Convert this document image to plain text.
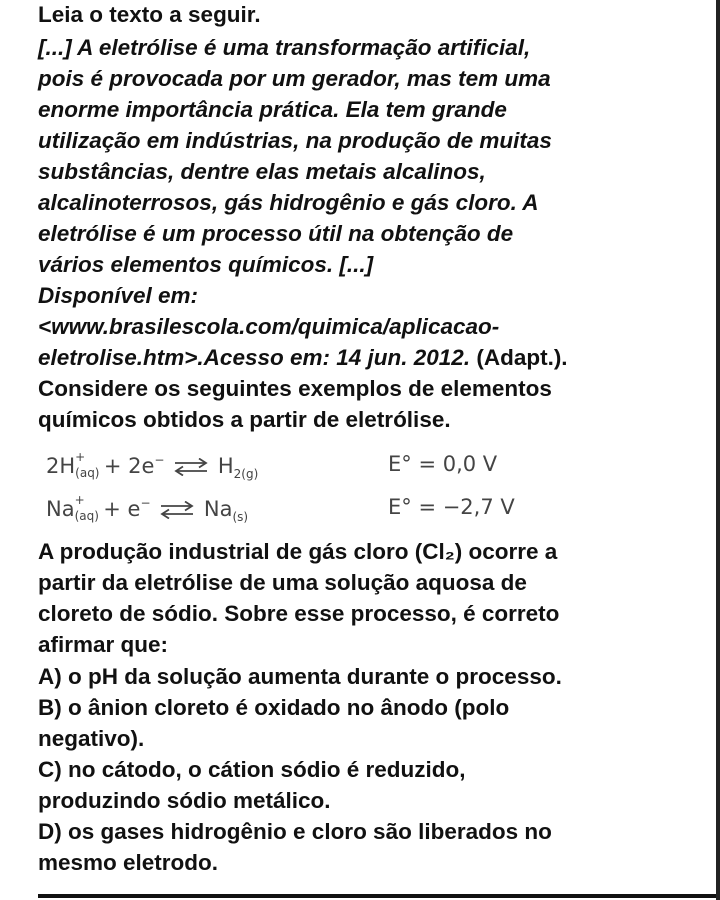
Leia o texto a seguir.
[...] A eletrólise é uma transformação artificial,
pois é provocada por um gerador, mas tem uma
enorme importância prática. Ela tem grande
utilização em indústrias, na produção de muitas
substâncias, dentre elas metais alcalinos,
alcalinoterrosos, gás hidrogênio e gás cloro. A
eletrólise é um processo útil na obtenção de
vários elementos químicos. [...]
Disponível em:
<www.brasilescola.com/quimica/aplicacao-
eletrolise.htm>.Acesso em: 14 jun. 2012. (Adapt.).
Considere os seguintes exemplos de elementos
químicos obtidos a partir de eletrólise.
2H +
(aq) + 2e− ⇌ $H_{2(g)}$	E° = 0,0 V
Na +
(aq) + e− ⇌ $Na_{(s)}$	E° = −2,7 V
A produção industrial de gás cloro (Cl₂) ocorre a
partir da eletrólise de uma solução aquosa de
cloreto de sódio. Sobre esse processo, é correto
afirmar que:
A) o pH da solução aumenta durante o processo.
B) o ânion cloreto é oxidado no ânodo (polo
negativo).
C) no cátodo, o cátion sódio é reduzido,
produzindo sódio metálico.
D) os gases hidrogênio e cloro são liberados no
mesmo eletrodo.
